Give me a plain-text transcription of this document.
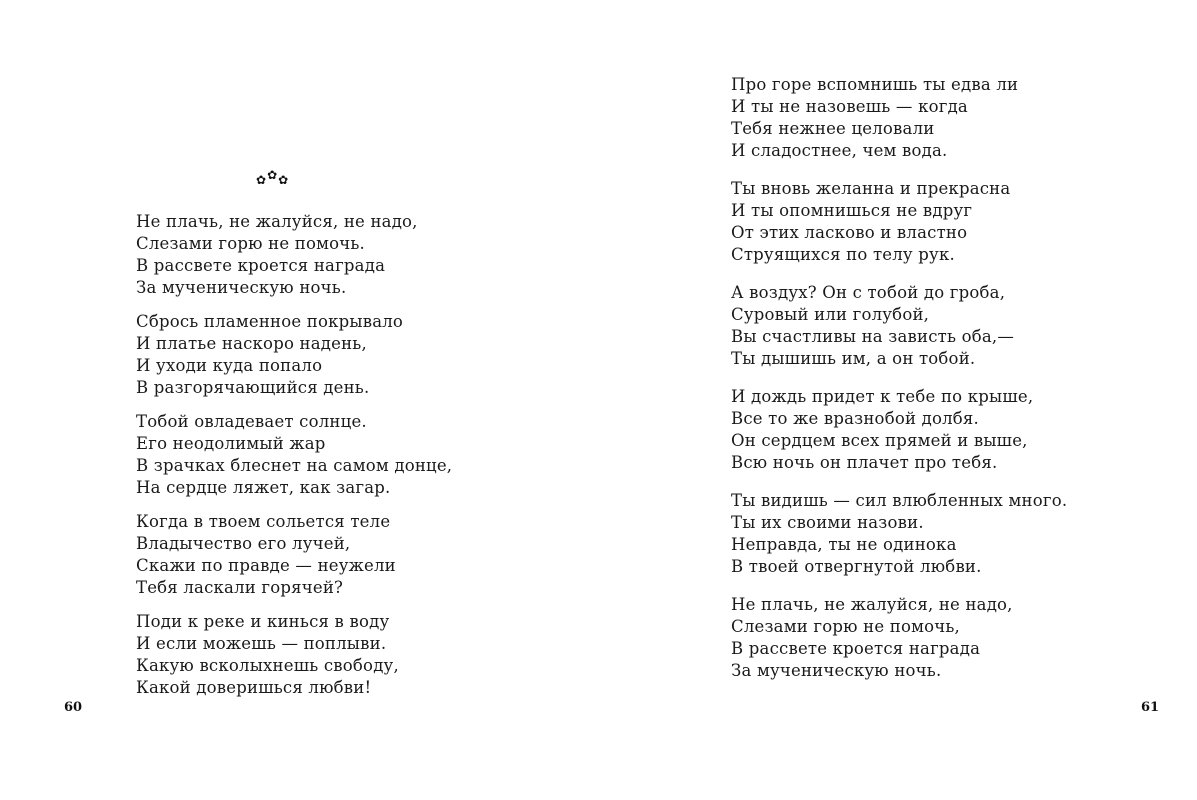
✿✿✿
Не плачь, не жалуйся, не надо,
Слезами горю не помочь.
В рассвете кроется награда
За мученическую ночь.
Сбрось пламенное покрывало
И платье наскоро надень,
И уходи куда попало
В разгорячающийся день.
Тобой овладевает солнце.
Его неодолимый жар
В зрачках блеснет на самом донце,
На сердце ляжет, как загар.
Когда в твоем сольется теле
Владычество его лучей,
Скажи по правде — неужели
Тебя ласкали горячей?
Поди к реке и кинься в воду
И если можешь — поплыви.
Какую всколыхнешь свободу,
Какой доверишься любви!
60
Про горе вспомнишь ты едва ли
И ты не назовешь — когда
Тебя нежнее целовали
И сладостнее, чем вода.
Ты вновь желанна и прекрасна
И ты опомнишься не вдруг
От этих ласково и властно
Струящихся по телу рук.
А воздух? Он с тобой до гроба,
Суровый или голубой,
Вы счастливы на зависть оба,—
Ты дышишь им, а он тобой.
И дождь придет к тебе по крыше,
Все то же вразнобой долбя.
Он сердцем всех прямей и выше,
Всю ночь он плачет про тебя.
Ты видишь — сил влюбленных много.
Ты их своими назови.
Неправда, ты не одинока
В твоей отвергнутой любви.
Не плачь, не жалуйся, не надо,
Слезами горю не помочь,
В рассвете кроется награда
За мученическую ночь.
61
